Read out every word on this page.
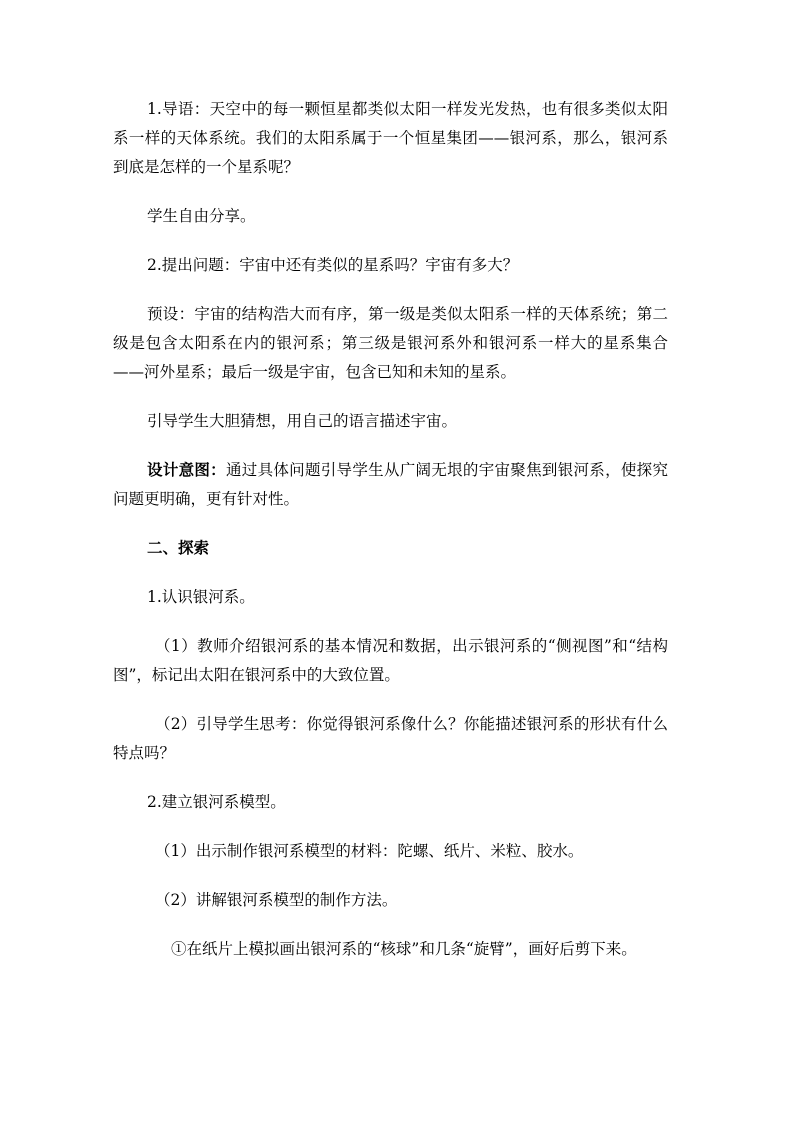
1.导语：天空中的每一颗恒星都类似太阳一样发光发热，也有很多类似太阳系一样的天体系统。我们的太阳系属于一个恒星集团——银河系，那么，银河系到底是怎样的一个星系呢？

学生自由分享。

2.提出问题：宇宙中还有类似的星系吗？宇宙有多大？

预设：宇宙的结构浩大而有序，第一级是类似太阳系一样的天体系统；第二级是包含太阳系在内的银河系；第三级是银河系外和银河系一样大的星系集合——河外星系；最后一级是宇宙，包含已知和未知的星系。

引导学生大胆猜想，用自己的语言描述宇宙。

设计意图：通过具体问题引导学生从广阔无垠的宇宙聚焦到银河系，使探究问题更明确，更有针对性。

二、探索

1.认识银河系。

（1）教师介绍银河系的基本情况和数据，出示银河系的“侧视图”和“结构图”，标记出太阳在银河系中的大致位置。

（2）引导学生思考：你觉得银河系像什么？你能描述银河系的形状有什么特点吗？

2.建立银河系模型。

（1）出示制作银河系模型的材料：陀螺、纸片、米粒、胶水。

（2）讲解银河系模型的制作方法。

①在纸片上模拟画出银河系的“核球”和几条“旋臂”，画好后剪下来。
